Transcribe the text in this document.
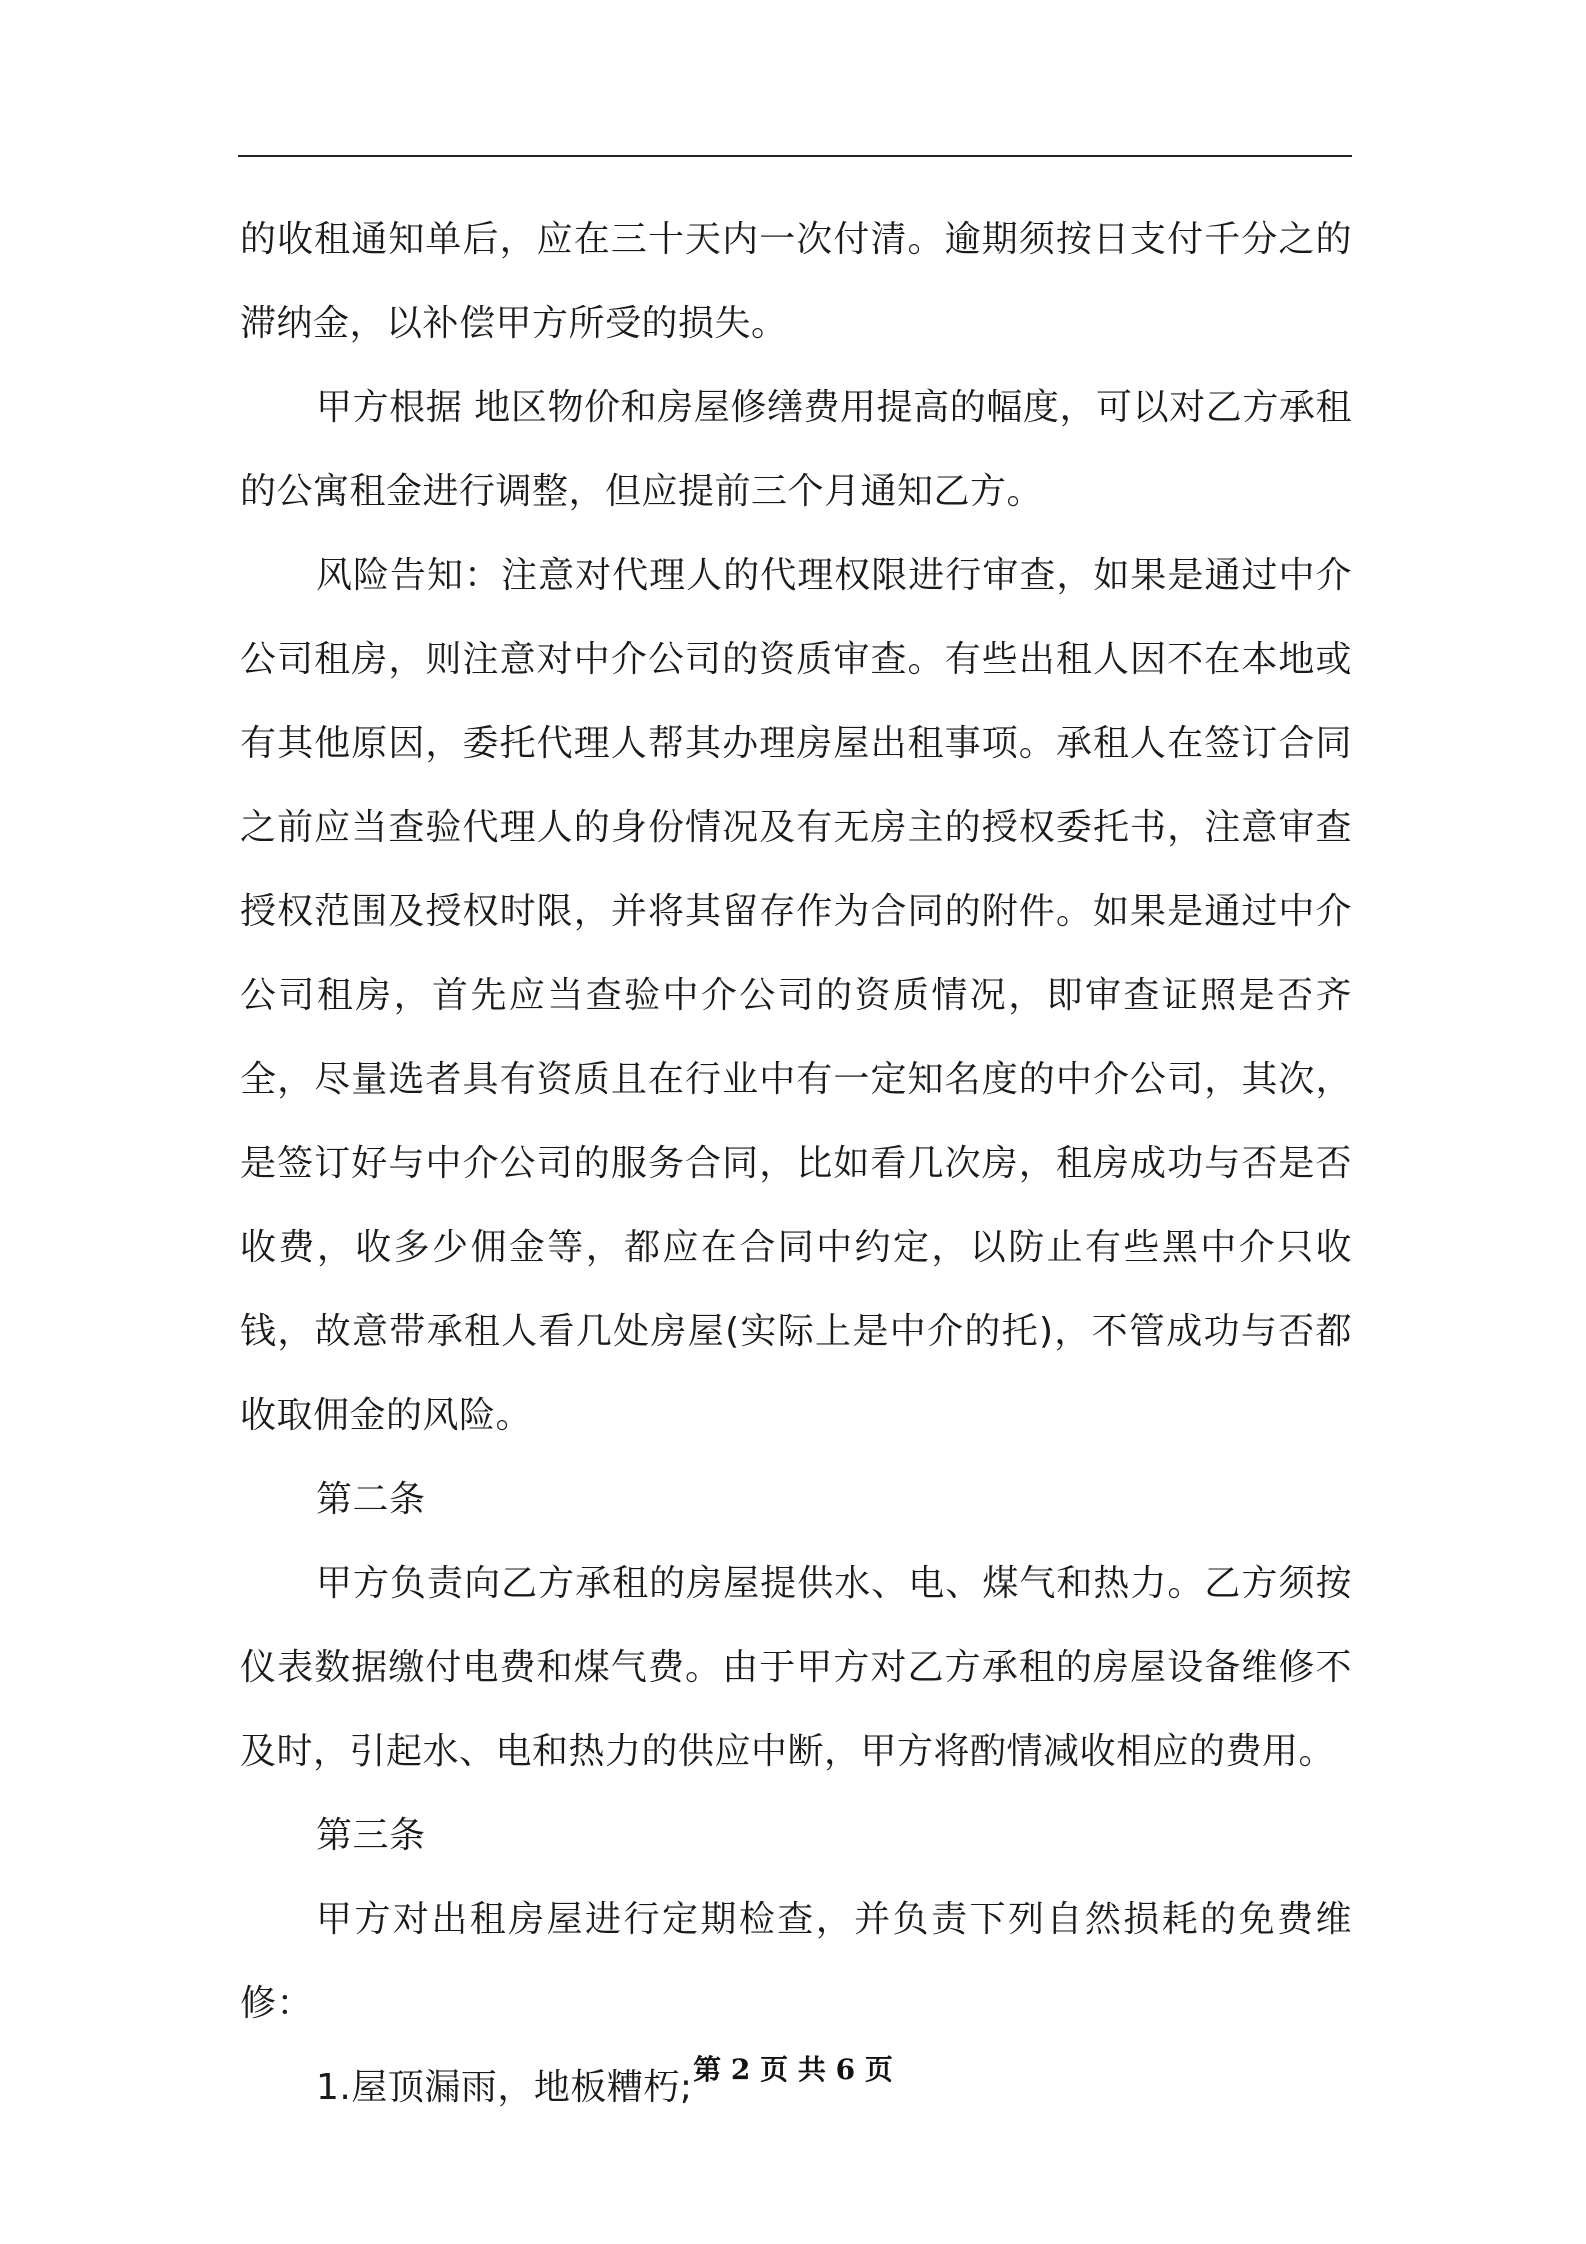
的收租通知单后，应在三十天内一次付清。逾期须按日支付千分之的滞纳金，以补偿甲方所受的损失。

甲方根据 地区物价和房屋修缮费用提高的幅度，可以对乙方承租的公寓租金进行调整，但应提前三个月通知乙方。

风险告知：注意对代理人的代理权限进行审查，如果是通过中介公司租房，则注意对中介公司的资质审查。有些出租人因不在本地或有其他原因，委托代理人帮其办理房屋出租事项。承租人在签订合同之前应当查验代理人的身份情况及有无房主的授权委托书，注意审查授权范围及授权时限，并将其留存作为合同的附件。如果是通过中介公司租房，首先应当查验中介公司的资质情况，即审查证照是否齐全，尽量选者具有资质且在行业中有一定知名度的中介公司，其次，是签订好与中介公司的服务合同，比如看几次房，租房成功与否是否收费，收多少佣金等，都应在合同中约定，以防止有些黑中介只收钱，故意带承租人看几处房屋(实际上是中介的托)，不管成功与否都收取佣金的风险。

第二条

甲方负责向乙方承租的房屋提供水、电、煤气和热力。乙方须按仪表数据缴付电费和煤气费。由于甲方对乙方承租的房屋设备维修不及时，引起水、电和热力的供应中断，甲方将酌情减收相应的费用。

第三条

甲方对出租房屋进行定期检查，并负责下列自然损耗的免费维修：

1.屋顶漏雨，地板糟朽; 第 2 页 共 6 页
